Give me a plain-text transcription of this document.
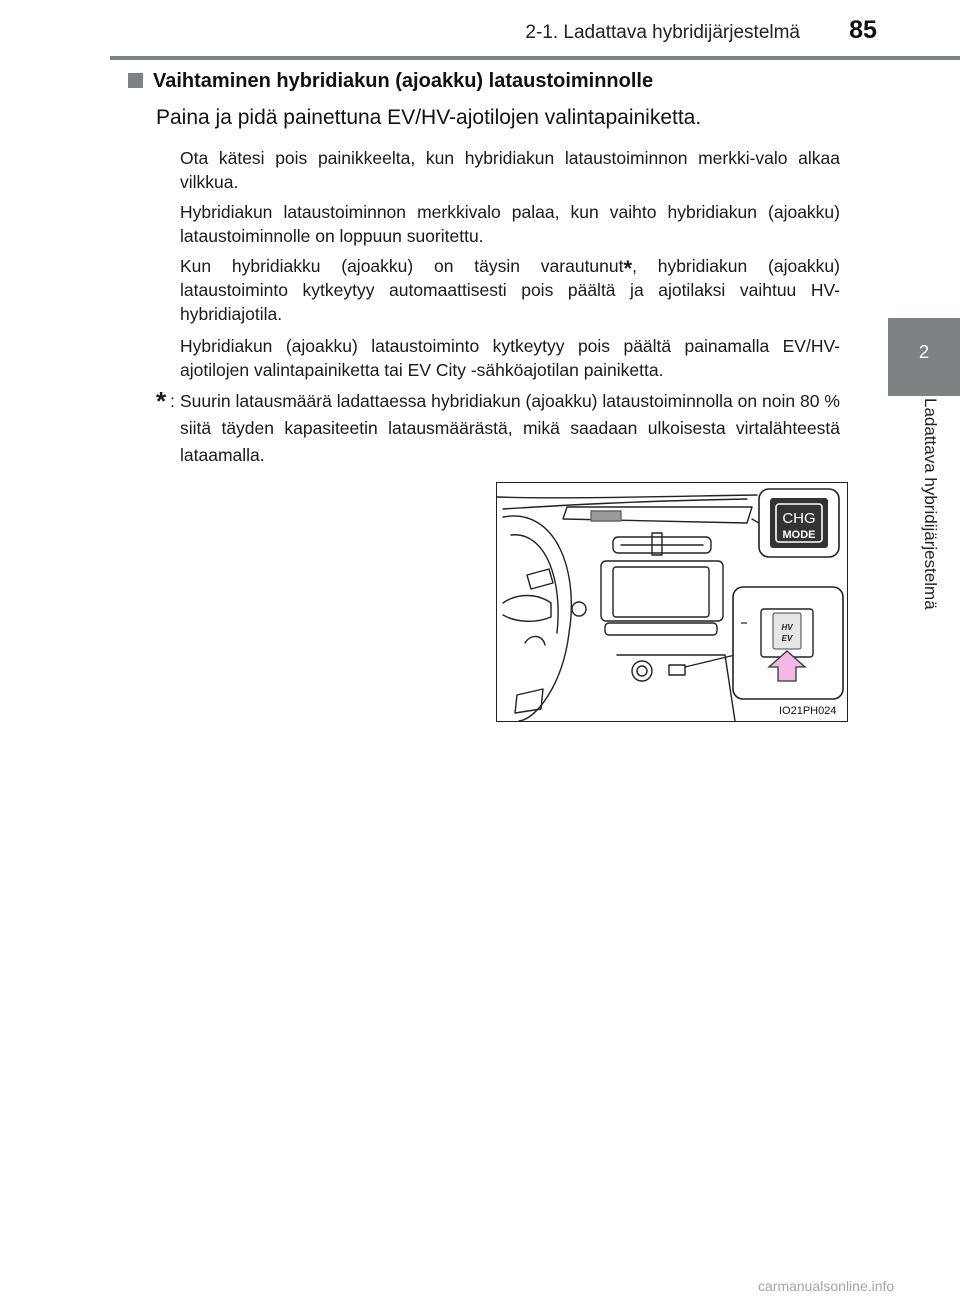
2-1. Ladattava hybridijärjestelmä	85
2
Ladattava hybridijärjestelmä
Vaihtaminen hybridiakun (ajoakku) lataustoiminnolle
Paina ja pidä painettuna EV/HV-ajotilojen valintapainiketta.
Ota kätesi pois painikkeelta, kun hybridiakun lataustoiminnon merkki-valo alkaa vilkkua.
Hybridiakun lataustoiminnon merkkivalo palaa, kun vaihto hybridiakun (ajoakku) lataustoiminnolle on loppuun suoritettu.
Kun hybridiakku (ajoakku) on täysin varautunut*, hybridiakun (ajoakku) lataustoiminto kytkeytyy automaattisesti pois päältä ja ajotilaksi vaihtuu HV-hybridiajotila.
Hybridiakun (ajoakku) lataustoiminto kytkeytyy pois päältä painamalla EV/HV-ajotilojen valintapainiketta tai EV City -sähköajotilan painiketta.
* : Suurin latausmäärä ladattaessa hybridiakun (ajoakku) lataustoiminnolla on noin 80 % siitä täyden kapasiteetin latausmäärästä, mikä saadaan ulkoisesta virtalähteestä lataamalla.
CHG
MODE
HV
EV
IO21PH024
carmanualsonline.info
